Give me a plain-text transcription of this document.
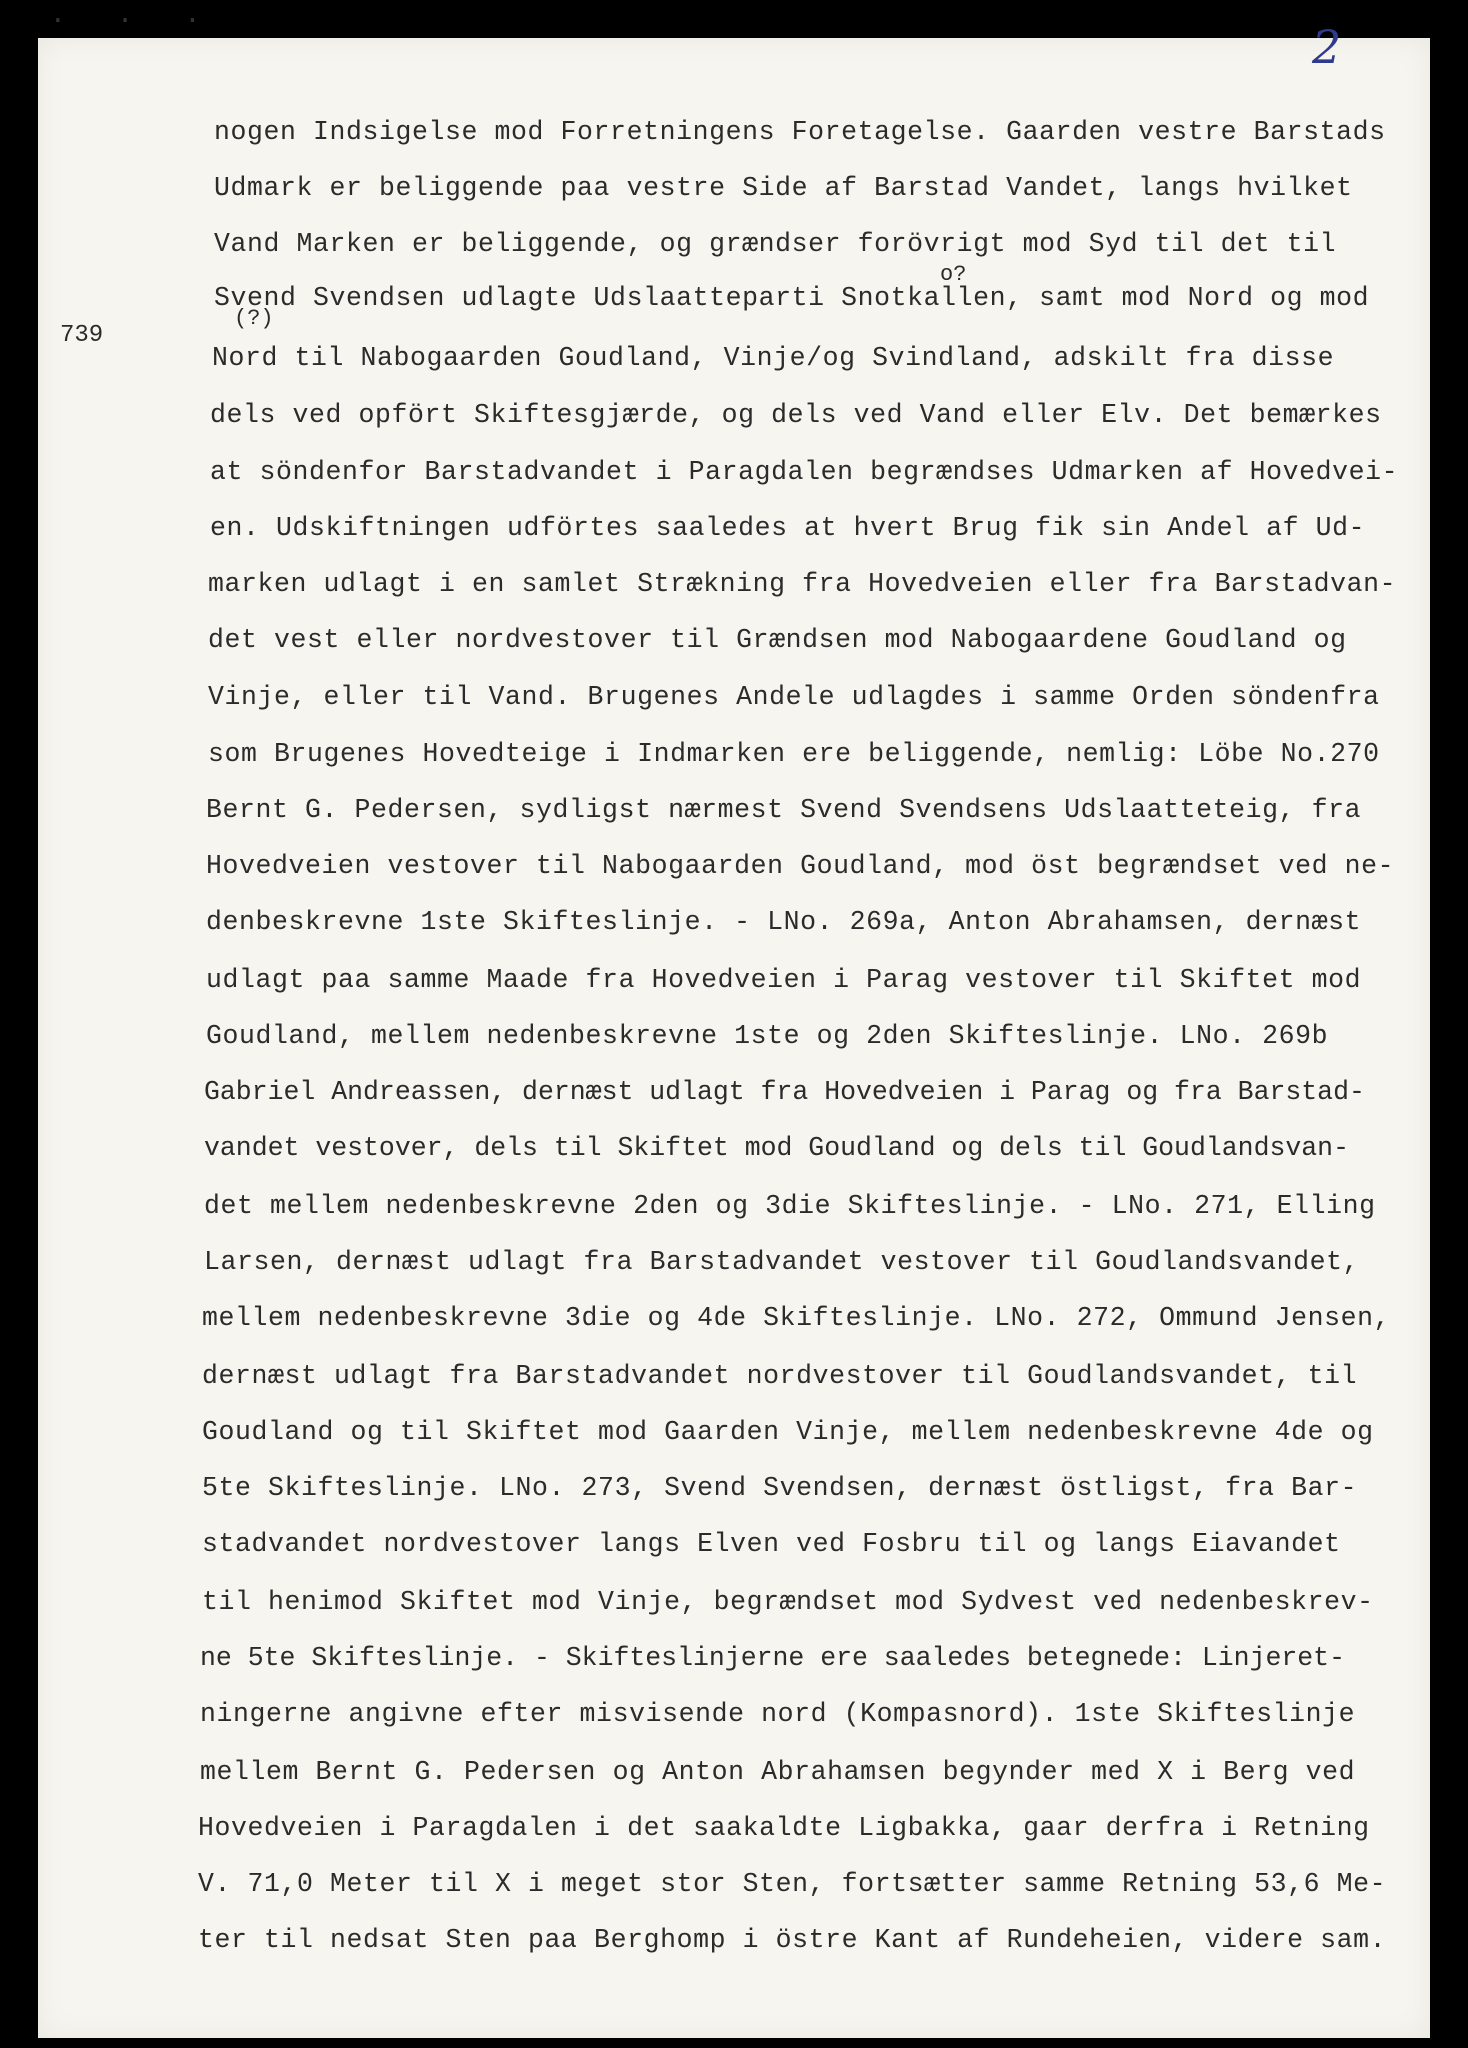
· · ·	2
739
o?
(?)
nogen Indsigelse mod Forretningens Foretagelse. Gaarden vestre Barstads
Udmark er beliggende paa vestre Side af Barstad Vandet, langs hvilket
Vand Marken er beliggende, og grændser forövrigt mod Syd til det til
Svend Svendsen udlagte Udslaatteparti Snotkallen, samt mod Nord og mod
Nord til Nabogaarden Goudland, Vinje/og Svindland, adskilt fra disse
dels ved opfört Skiftesgjærde, og dels ved Vand eller Elv. Det bemærkes
at söndenfor Barstadvandet i Paragdalen begrændses Udmarken af Hovedvei-
en. Udskiftningen udförtes saaledes at hvert Brug fik sin Andel af Ud-
marken udlagt i en samlet Strækning fra Hovedveien eller fra Barstadvan-
det vest eller nordvestover til Grændsen mod Nabogaardene Goudland og
Vinje, eller til Vand. Brugenes Andele udlagdes i samme Orden söndenfra
som Brugenes Hovedteige i Indmarken ere beliggende, nemlig: Löbe No.270
Bernt G. Pedersen, sydligst nærmest Svend Svendsens Udslaatteteig, fra
Hovedveien vestover til Nabogaarden Goudland, mod öst begrændset ved ne-
denbeskrevne 1ste Skifteslinje. - LNo. 269a, Anton Abrahamsen, dernæst
udlagt paa samme Maade fra Hovedveien i Parag vestover til Skiftet mod
Goudland, mellem nedenbeskrevne 1ste og 2den Skifteslinje. LNo. 269b
Gabriel Andreassen, dernæst udlagt fra Hovedveien i Parag og fra Barstad-
vandet vestover, dels til Skiftet mod Goudland og dels til Goudlandsvan-
det mellem nedenbeskrevne 2den og 3die Skifteslinje. - LNo. 271, Elling
Larsen, dernæst udlagt fra Barstadvandet vestover til Goudlandsvandet,
mellem nedenbeskrevne 3die og 4de Skifteslinje. LNo. 272, Ommund Jensen,
dernæst udlagt fra Barstadvandet nordvestover til Goudlandsvandet, til
Goudland og til Skiftet mod Gaarden Vinje, mellem nedenbeskrevne 4de og
5te Skifteslinje. LNo. 273, Svend Svendsen, dernæst östligst, fra Bar-
stadvandet nordvestover langs Elven ved Fosbru til og langs Eiavandet
til henimod Skiftet mod Vinje, begrændset mod Sydvest ved nedenbeskrev-
ne 5te Skifteslinje. - Skifteslinjerne ere saaledes betegnede: Linjeret-
ningerne angivne efter misvisende nord (Kompasnord). 1ste Skifteslinje
mellem Bernt G. Pedersen og Anton Abrahamsen begynder med X i Berg ved
Hovedveien i Paragdalen i det saakaldte Ligbakka, gaar derfra i Retning
V. 71,0 Meter til X i meget stor Sten, fortsætter samme Retning 53,6 Me-
ter til nedsat Sten paa Berghomp i östre Kant af Rundeheien, videre sam.
